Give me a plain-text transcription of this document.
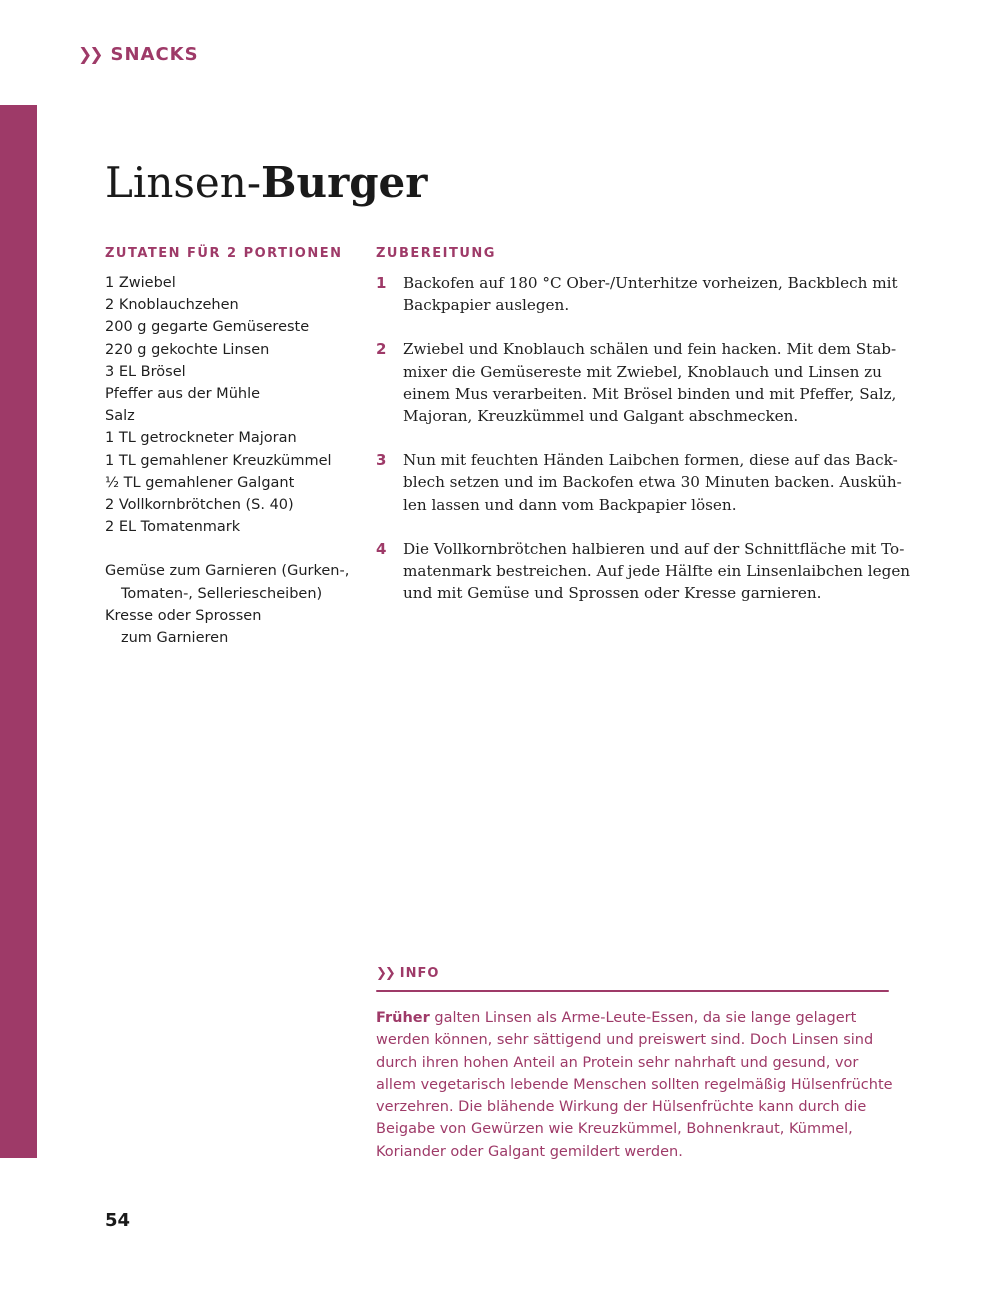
❯❯ SNACKS
Linsen-Burger
ZUTATEN FÜR 2 PORTIONEN
1 Zwiebel
2 Knoblauchzehen
200 g gegarte Gemüsereste
220 g gekochte Linsen
3 EL Brösel
Pfeffer aus der Mühle
Salz
1 TL getrockneter Majoran
1 TL gemahlener Kreuzkümmel
½ TL gemahlener Galgant
2 Vollkornbrötchen (S. 40)
2 EL Tomatenmark
Gemüse zum Garnieren (Gurken-,
Tomaten-, Selleriescheiben)
Kresse oder Sprossen
zum Garnieren
ZUBEREITUNG
1 Backofen auf 180 °C Ober-/Unterhitze vorheizen, Backblech mit
Backpapier auslegen.
2 Zwiebel und Knoblauch schälen und fein hacken. Mit dem Stab-
mixer die Gemüsereste mit Zwiebel, Knoblauch und Linsen zu
einem Mus verarbeiten. Mit Brösel binden und mit Pfeffer, Salz,
Majoran, Kreuzkümmel und Galgant abschmecken.
3 Nun mit feuchten Händen Laibchen formen, diese auf das Back-
blech setzen und im Backofen etwa 30 Minuten backen. Ausküh-
len lassen und dann vom Backpapier lösen.
4 Die Vollkornbrötchen halbieren und auf der Schnittfläche mit To-
matenmark bestreichen. Auf jede Hälfte ein Linsenlaibchen legen
und mit Gemüse und Sprossen oder Kresse garnieren.
❯❯ INFO
Früher galten Linsen als Arme-Leute-Essen, da sie lange gelagert
werden können, sehr sättigend und preiswert sind. Doch Linsen sind
durch ihren hohen Anteil an Protein sehr nahrhaft und gesund, vor
allem vegetarisch lebende Menschen sollten regelmäßig Hülsenfrüchte
verzehren. Die blähende Wirkung der Hülsenfrüchte kann durch die
Beigabe von Gewürzen wie Kreuzkümmel, Bohnenkraut, Kümmel,
Koriander oder Galgant gemildert werden.
54
